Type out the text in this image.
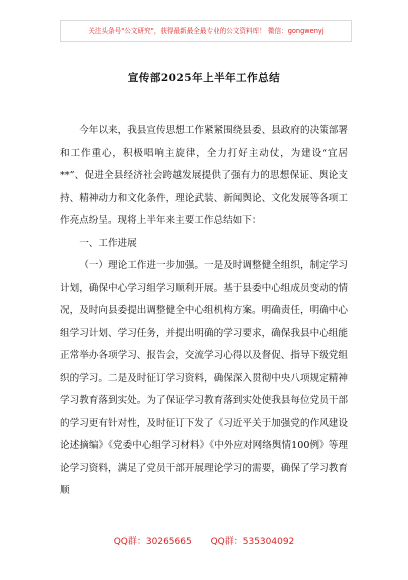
关注头条号"公文研究"，获得最新最全最专业的公文资料库！ 微信：gongwenyj
宣传部2025年上半年工作总结

今年以来，我县宣传思想工作紧紧围绕县委、县政府的决策部署和工作重心，积极唱响主旋律，全力打好主动仗，为建设“宜居**”、促进全县经济社会跨越发展提供了强有力的思想保证、舆论支持、精神动力和文化条件，理论武装、新闻舆论、文化发展等各项工作亮点纷呈。现将上半年来主要工作总结如下：

一、工作进展

（一）理论工作进一步加强。一是及时调整健全组织，制定学习计划，确保中心学习组学习顺利开展。基于县委中心组成员变动的情况，及时向县委提出调整健全中心组机构方案。明确责任，明确中心组学习计划、学习任务，并提出明确的学习要求，确保我县中心组能正常举办各项学习、报告会，交流学习心得以及督促、指导下级党组织的学习。二是及时征订学习资料，确保深入贯彻中央八项规定精神学习教育落到实处。为了保证学习教育落到实处使我县每位党员干部的学习更有针对性，及时征订下发了《习近平关于加强党的作风建设论述摘编》《党委中心组学习材料》《中外应对网络舆情100例》等理论学习资料，满足了党员干部开展理论学习的需要，确保了学习教育顺

QQ群：30265665 QQ群：535304092
